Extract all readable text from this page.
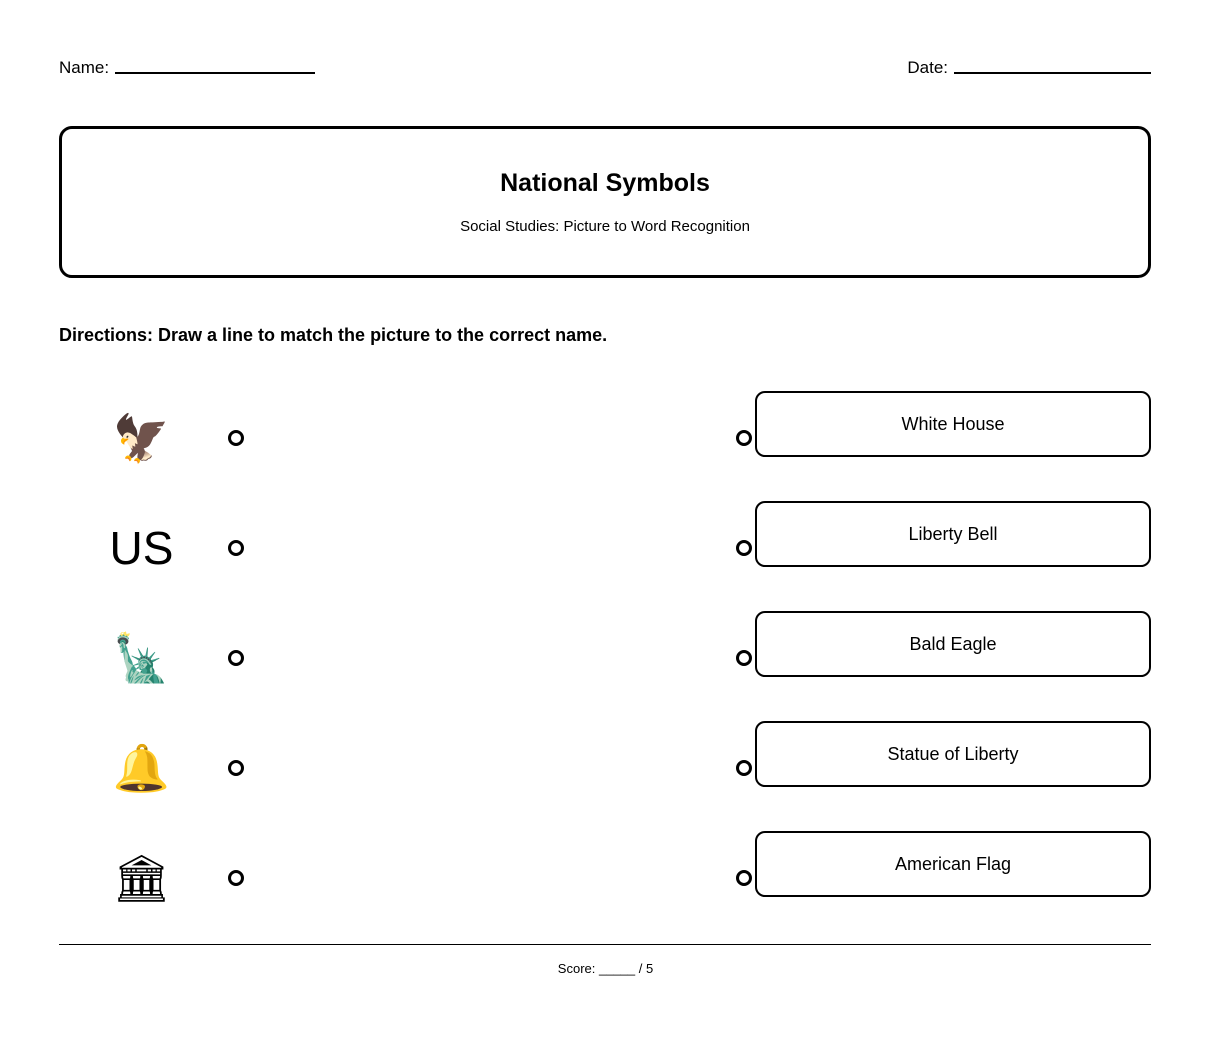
Name:	Date:
National Symbols
Social Studies: Picture to Word Recognition
Directions: Draw a line to match the picture to the correct name.
🦅	White House
US	Liberty Bell
🗽	Bald Eagle
🔔	Statue of Liberty
🏛	American Flag
Score: _____ / 5
